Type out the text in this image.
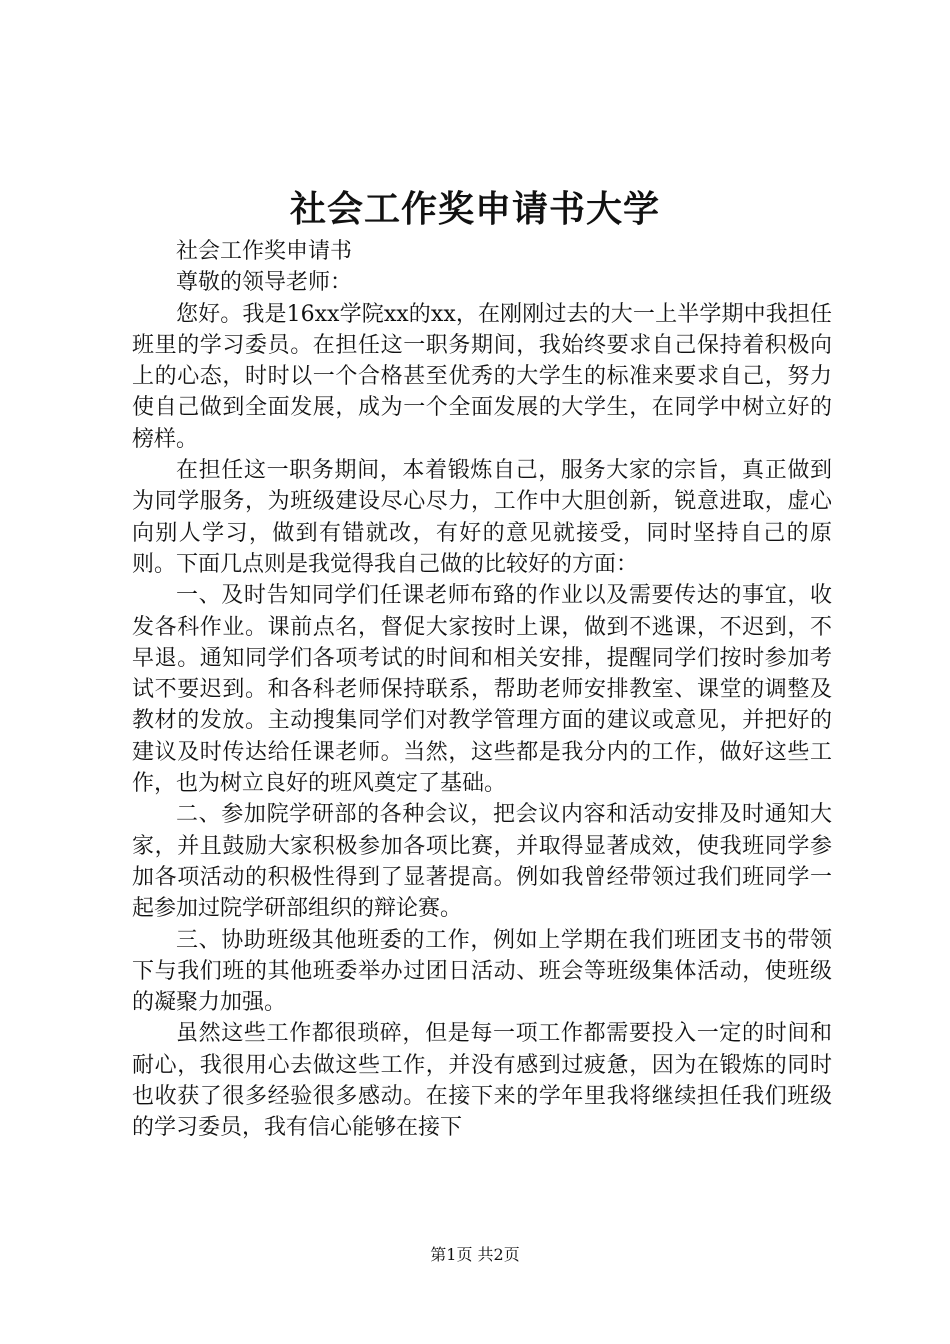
社会工作奖申请书大学

社会工作奖申请书

尊敬的领导老师：

您好。我是16xx学院xx的xx，在刚刚过去的大一上半学期中我担任班里的学习委员。在担任这一职务期间，我始终要求自己保持着积极向上的心态，时时以一个合格甚至优秀的大学生的标准来要求自己，努力使自己做到全面发展，成为一个全面发展的大学生，在同学中树立好的榜样。

在担任这一职务期间，本着锻炼自己，服务大家的宗旨，真正做到为同学服务，为班级建设尽心尽力，工作中大胆创新，锐意进取，虚心向别人学习，做到有错就改，有好的意见就接受，同时坚持自己的原则。下面几点则是我觉得我自己做的比较好的方面：

一、及时告知同学们任课老师布臵的作业以及需要传达的事宜，收发各科作业。课前点名，督促大家按时上课，做到不逃课，不迟到，不早退。通知同学们各项考试的时间和相关安排，提醒同学们按时参加考试不要迟到。和各科老师保持联系，帮助老师安排教室、课堂的调整及教材的发放。主动搜集同学们对教学管理方面的建议或意见，并把好的建议及时传达给任课老师。当然，这些都是我分内的工作，做好这些工作，也为树立良好的班风奠定了基础。

二、参加院学研部的各种会议，把会议内容和活动安排及时通知大家，并且鼓励大家积极参加各项比赛，并取得显著成效，使我班同学参加各项活动的积极性得到了显著提高。例如我曾经带领过我们班同学一起参加过院学研部组织的辩论赛。

三、协助班级其他班委的工作，例如上学期在我们班团支书的带领下与我们班的其他班委举办过团日活动、班会等班级集体活动，使班级的凝聚力加强。

虽然这些工作都很琐碎，但是每一项工作都需要投入一定的时间和耐心，我很用心去做这些工作，并没有感到过疲惫，因为在锻炼的同时也收获了很多经验很多感动。在接下来的学年里我将继续担任我们班级的学习委员，我有信心能够在接下

第1页 共2页
